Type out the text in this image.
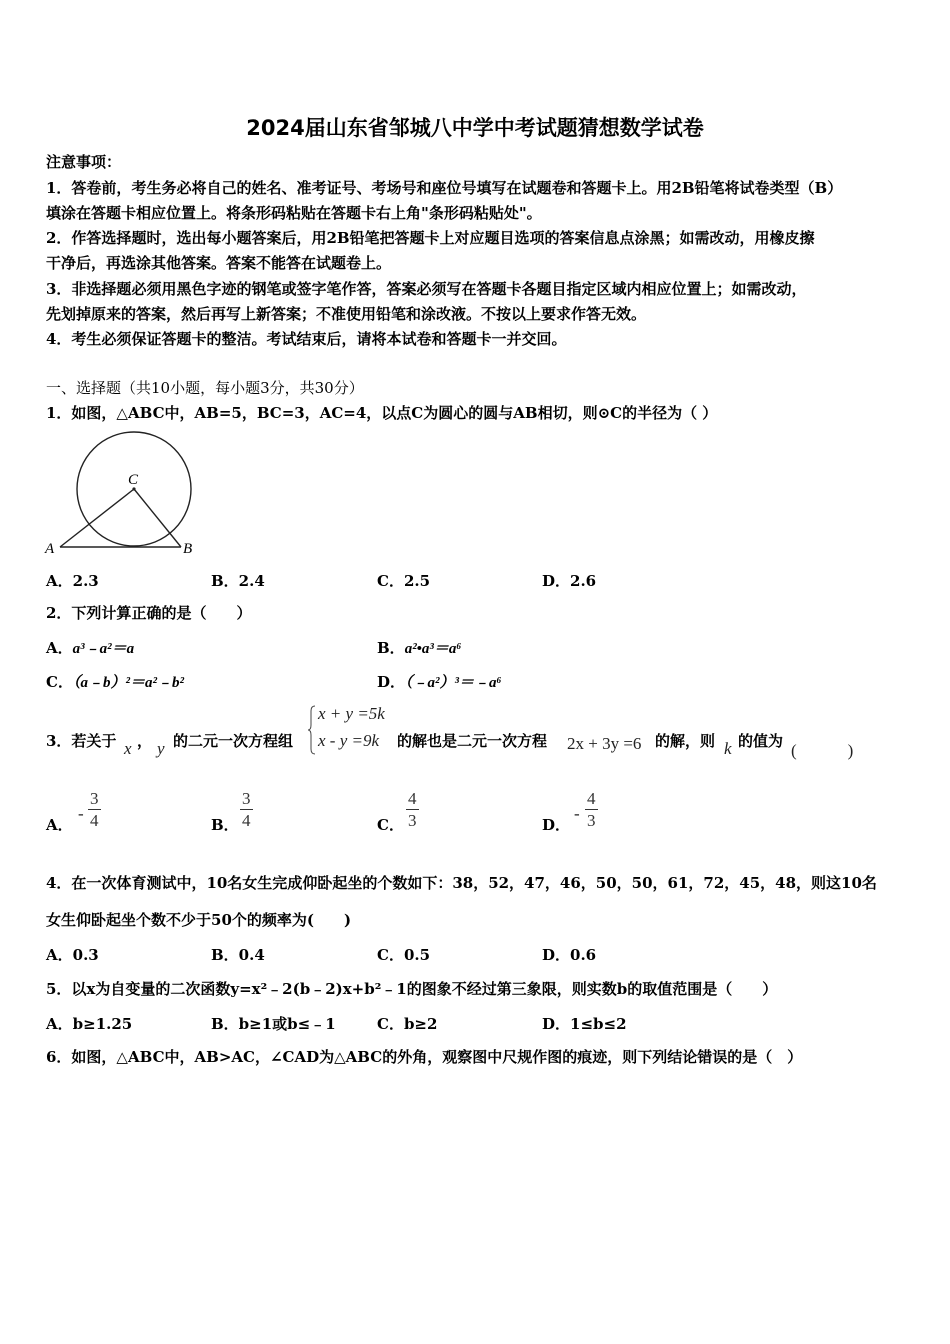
2024届山东省邹城八中学中考试题猜想数学试卷
注意事项：
1．答卷前，考生务必将自己的姓名、准考证号、考场号和座位号填写在试题卷和答题卡上。用2B铅笔将试卷类型（B）
填涂在答题卡相应位置上。将条形码粘贴在答题卡右上角"条形码粘贴处"。
2．作答选择题时，选出每小题答案后，用2B铅笔把答题卡上对应题目选项的答案信息点涂黑；如需改动，用橡皮擦
干净后，再选涂其他答案。答案不能答在试题卷上。
3．非选择题必须用黑色字迹的钢笔或签字笔作答，答案必须写在答题卡各题目指定区域内相应位置上；如需改动，
先划掉原来的答案，然后再写上新答案；不准使用铅笔和涂改液。不按以上要求作答无效。
4．考生必须保证答题卡的整洁。考试结束后，请将本试卷和答题卡一并交回。
一、选择题（共10小题，每小题3分，共30分）
1．如图，△ABC中，AB=5，BC=3，AC=4，以点C为圆心的圆与AB相切，则⊙C的半径为（ ）
C
A	B
A．2.3	B．2.4	C．2.5	D．2.6
2．下列计算正确的是（　　）
A．a³﹣a²＝a	B．a²•a³＝a⁶
C．（a﹣b）²＝a²﹣b²	D．（﹣a²）³＝﹣a⁶
3．若关于 x ， y 的二元一次方程组
x + y =5k
x - y =9k 的解也是二元一次方程 2x + 3y =6 的解，则 k 的值为 (　　　)
A．
- $\frac{3}{4}$	B． $\frac{3}{4}$	C． $\frac{4}{3}$	D．
- $\frac{4}{3}$
4．在一次体育测试中，10名女生完成仰卧起坐的个数如下：38，52，47，46，50，50，61，72，45，48，则这10名
女生仰卧起坐个数不少于50个的频率为(　　)
A．0.3	B．0.4	C．0.5	D．0.6
5．以x为自变量的二次函数y=x²﹣2(b﹣2)x+b²﹣1的图象不经过第三象限，则实数b的取值范围是（　　）
A．b≥1.25	B．b≥1或b≤﹣1	C．b≥2	D．1≤b≤2
6．如图，△ABC中，AB>AC，∠CAD为△ABC的外角，观察图中尺规作图的痕迹，则下列结论错误的是（　）
